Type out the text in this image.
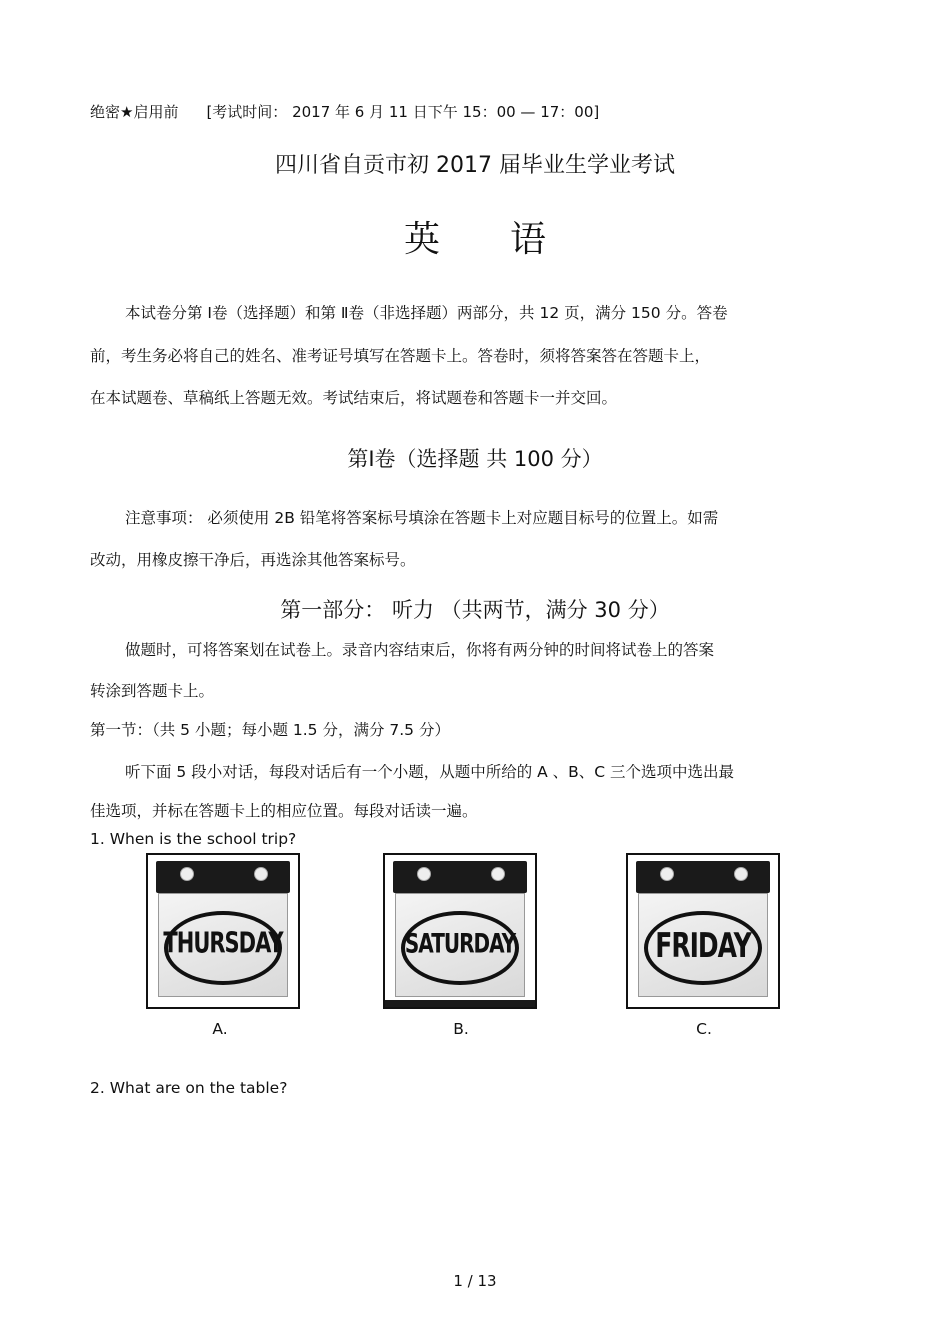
绝密★启用前 [考试时间： 2017 年 6 月 11 日下午 15：00 — 17：00]
四川省自贡市初 2017 届毕业生学业考试
英语
本试卷分第 Ⅰ卷（选择题）和第 Ⅱ卷（非选择题）两部分，共 12 页，满分 150 分。答卷
前，考生务必将自己的姓名、准考证号填写在答题卡上。答卷时，须将答案答在答题卡上，
在本试题卷、草稿纸上答题无效。考试结束后，将试题卷和答题卡一并交回。
第Ⅰ卷（选择题 共 100 分）
注意事项： 必须使用 2B 铅笔将答案标号填涂在答题卡上对应题目标号的位置上。如需
改动，用橡皮擦干净后，再选涂其他答案标号。
第一部分： 听力 （共两节，满分 30 分）
做题时，可将答案划在试卷上。录音内容结束后，你将有两分钟的时间将试卷上的答案
转涂到答题卡上。
第一节：（共 5 小题；每小题 1.5 分，满分 7.5 分）
听下面 5 段小对话，每段对话后有一个小题，从题中所给的 A 、B、C 三个选项中选出最
佳选项，并标在答题卡上的相应位置。每段对话读一遍。
1. When is the school trip?
THURSDAY	SATURDAY	FRIDAY
A.	B.	C.
2. What are on the table?
1 / 13
